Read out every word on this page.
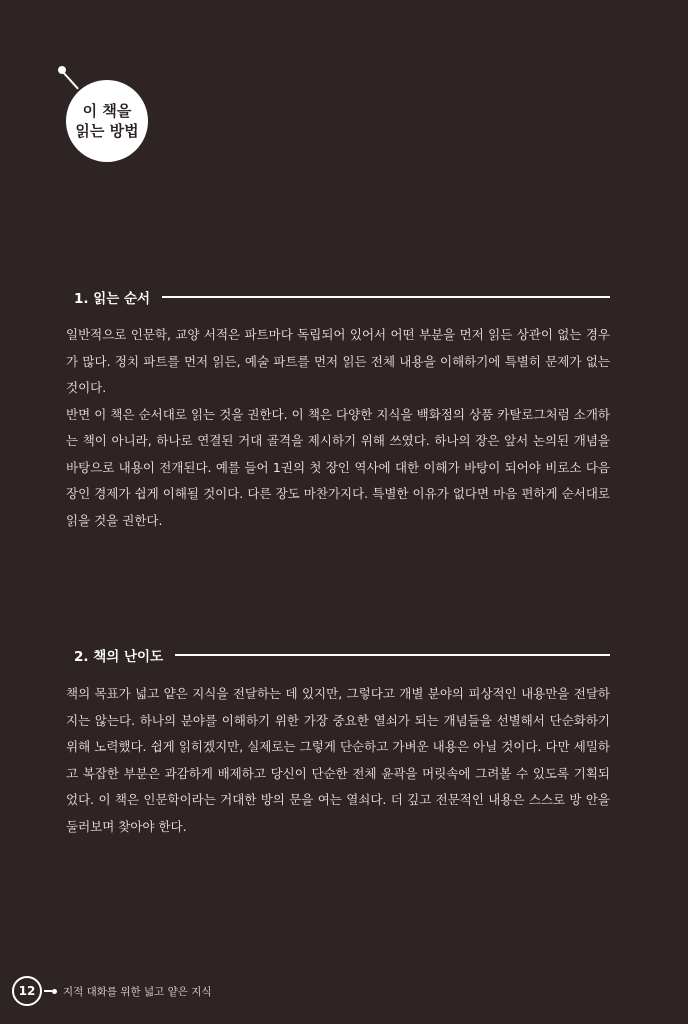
이 책을
읽는 방법
1. 읽는 순서

일반적으로 인문학, 교양 서적은 파트마다 독립되어 있어서 어떤 부분을 먼저 읽든 상관이 없는 경우가 많다. 정치 파트를 먼저 읽든, 예술 파트를 먼저 읽든 전체 내용을 이해하기에 특별히 문제가 없는 것이다.

반면 이 책은 순서대로 읽는 것을 권한다. 이 책은 다양한 지식을 백화점의 상품 카탈로그처럼 소개하는 책이 아니라, 하나로 연결된 거대 골격을 제시하기 위해 쓰였다. 하나의 장은 앞서 논의된 개념을 바탕으로 내용이 전개된다. 예를 들어 1권의 첫 장인 역사에 대한 이해가 바탕이 되어야 비로소 다음 장인 경제가 쉽게 이해될 것이다. 다른 장도 마찬가지다. 특별한 이유가 없다면 마음 편하게 순서대로 읽을 것을 권한다.

2. 책의 난이도

책의 목표가 넓고 얕은 지식을 전달하는 데 있지만, 그렇다고 개별 분야의 피상적인 내용만을 전달하지는 않는다. 하나의 분야를 이해하기 위한 가장 중요한 열쇠가 되는 개념들을 선별해서 단순화하기 위해 노력했다. 쉽게 읽히겠지만, 실제로는 그렇게 단순하고 가벼운 내용은 아닐 것이다. 다만 세밀하고 복잡한 부분은 과감하게 배제하고 당신이 단순한 전체 윤곽을 머릿속에 그려볼 수 있도록 기획되었다. 이 책은 인문학이라는 거대한 방의 문을 여는 열쇠다. 더 깊고 전문적인 내용은 스스로 방 안을 둘러보며 찾아야 한다.

12	지적 대화를 위한 넓고 얕은 지식
